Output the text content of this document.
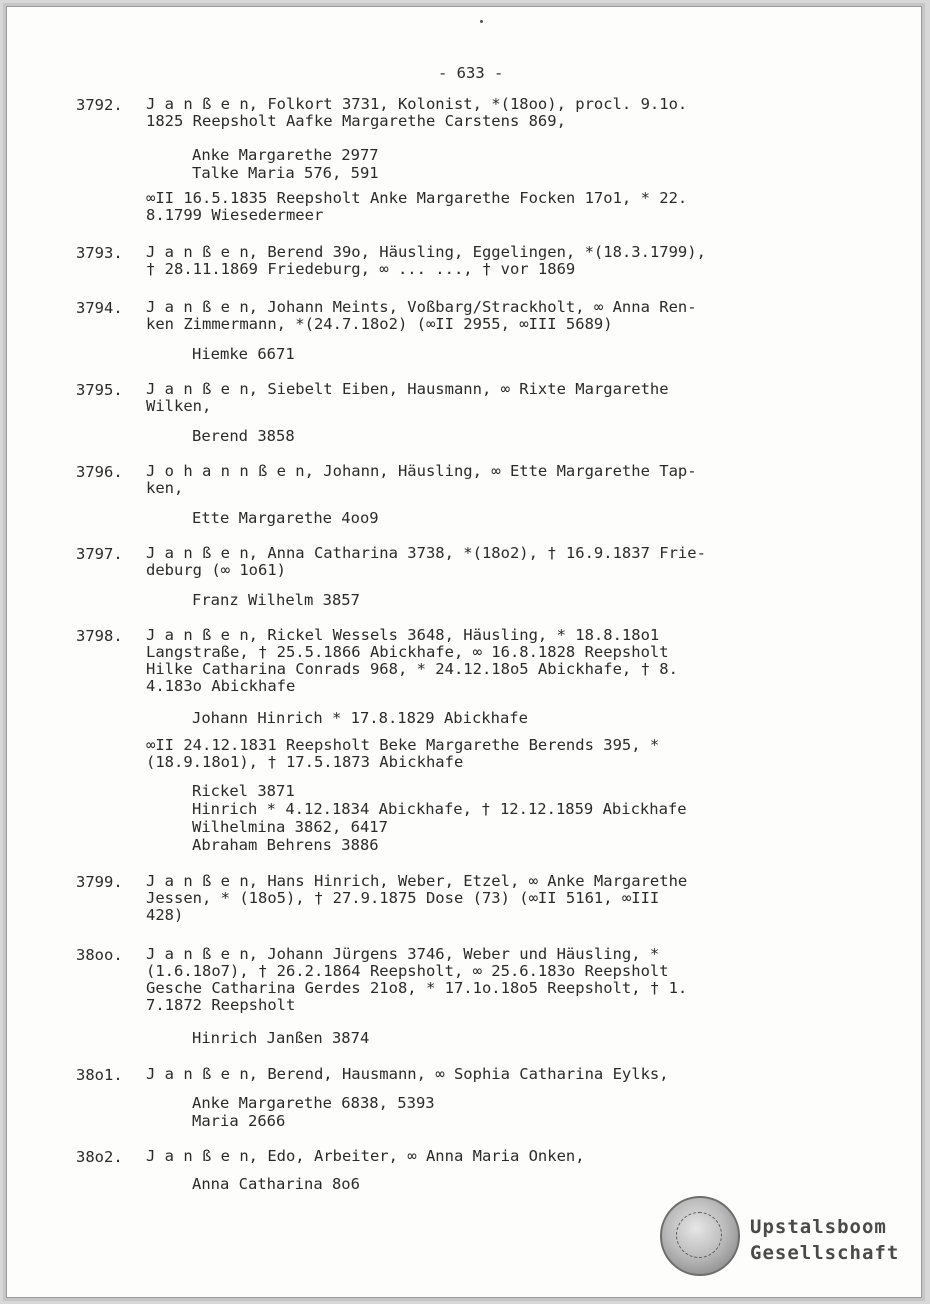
- 633 -
3792. J a n ß e n, Folkort 3731, Kolonist, *(18oo), procl. 9.1o.
1825 Reepsholt Aafke Margarethe Carstens 869,
Anke Margarethe 2977
Talke Maria 576, 591
∞II 16.5.1835 Reepsholt Anke Margarethe Focken 17o1, * 22.
8.1799 Wiesedermeer
3793. J a n ß e n, Berend 39o, Häusling, Eggelingen, *(18.3.1799),
† 28.11.1869 Friedeburg, ∞ ... ..., † vor 1869
3794. J a n ß e n, Johann Meints, Voßbarg/Strackholt, ∞ Anna Ren-
ken Zimmermann, *(24.7.18o2) (∞II 2955, ∞III 5689)
Hiemke 6671
3795. J a n ß e n, Siebelt Eiben, Hausmann, ∞ Rixte Margarethe
Wilken,
Berend 3858
3796. J o h a n n ß e n, Johann, Häusling, ∞ Ette Margarethe Tap-
ken,
Ette Margarethe 4oo9
3797. J a n ß e n, Anna Catharina 3738, *(18o2), † 16.9.1837 Frie-
deburg (∞ 1o61)
Franz Wilhelm 3857
3798. J a n ß e n, Rickel Wessels 3648, Häusling, * 18.8.18o1
Langstraße, † 25.5.1866 Abickhafe, ∞ 16.8.1828 Reepsholt
Hilke Catharina Conrads 968, * 24.12.18o5 Abickhafe, † 8.
4.183o Abickhafe
Johann Hinrich * 17.8.1829 Abickhafe
∞II 24.12.1831 Reepsholt Beke Margarethe Berends 395, *
(18.9.18o1), † 17.5.1873 Abickhafe
Rickel 3871
Hinrich * 4.12.1834 Abickhafe, † 12.12.1859 Abickhafe
Wilhelmina 3862, 6417
Abraham Behrens 3886
3799. J a n ß e n, Hans Hinrich, Weber, Etzel, ∞ Anke Margarethe
Jessen, * (18o5), † 27.9.1875 Dose (73) (∞II 5161, ∞III
428)
38oo. J a n ß e n, Johann Jürgens 3746, Weber und Häusling, *
(1.6.18o7), † 26.2.1864 Reepsholt, ∞ 25.6.183o Reepsholt
Gesche Catharina Gerdes 21o8, * 17.1o.18o5 Reepsholt, † 1.
7.1872 Reepsholt
Hinrich Janßen 3874
38o1. J a n ß e n, Berend, Hausmann, ∞ Sophia Catharina Eylks,
Anke Margarethe 6838, 5393
Maria 2666
38o2. J a n ß e n, Edo, Arbeiter, ∞ Anna Maria Onken,
Anna Catharina 8o6
Upstalsboom
Gesellschaft
